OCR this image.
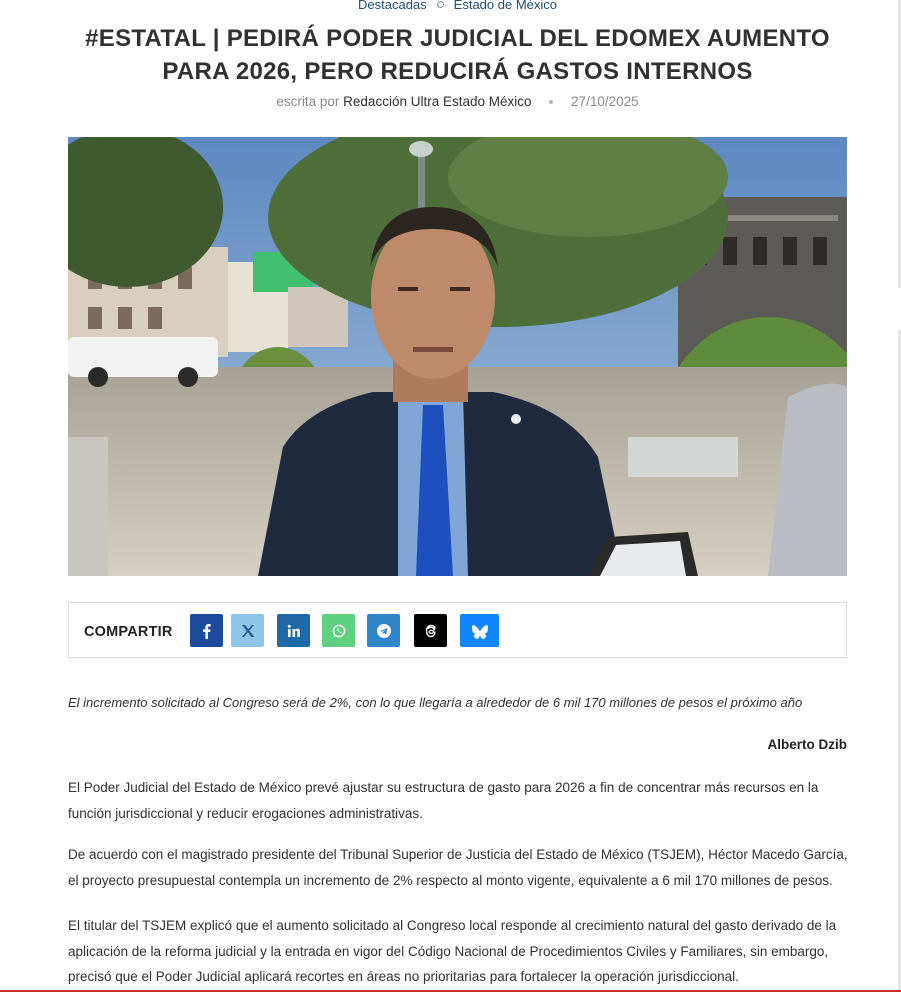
Destacadas Estado de México
#ESTATAL | PEDIRÁ PODER JUDICIAL DEL EDOMEX AUMENTO PARA 2026, PERO REDUCIRÁ GASTOS INTERNOS
escrita por Redacción Ultra Estado México	27/10/2025
COMPARTIR
El incremento solicitado al Congreso será de 2%, con lo que llegaría a alrededor de 6 mil 170 millones de pesos el próximo año
Alberto Dzib

El Poder Judicial del Estado de México prevé ajustar su estructura de gasto para 2026 a fin de concentrar más recursos en la función jurisdiccional y reducir erogaciones administrativas.

De acuerdo con el magistrado presidente del Tribunal Superior de Justicia del Estado de México (TSJEM), Héctor Macedo García, el proyecto presupuestal contempla un incremento de 2% respecto al monto vigente, equivalente a 6 mil 170 millones de pesos.

El titular del TSJEM explicó que el aumento solicitado al Congreso local responde al crecimiento natural del gasto derivado de la aplicación de la reforma judicial y la entrada en vigor del Código Nacional de Procedimientos Civiles y Familiares, sin embargo, precisó que el Poder Judicial aplicará recortes en áreas no prioritarias para fortalecer la operación jurisdiccional.
